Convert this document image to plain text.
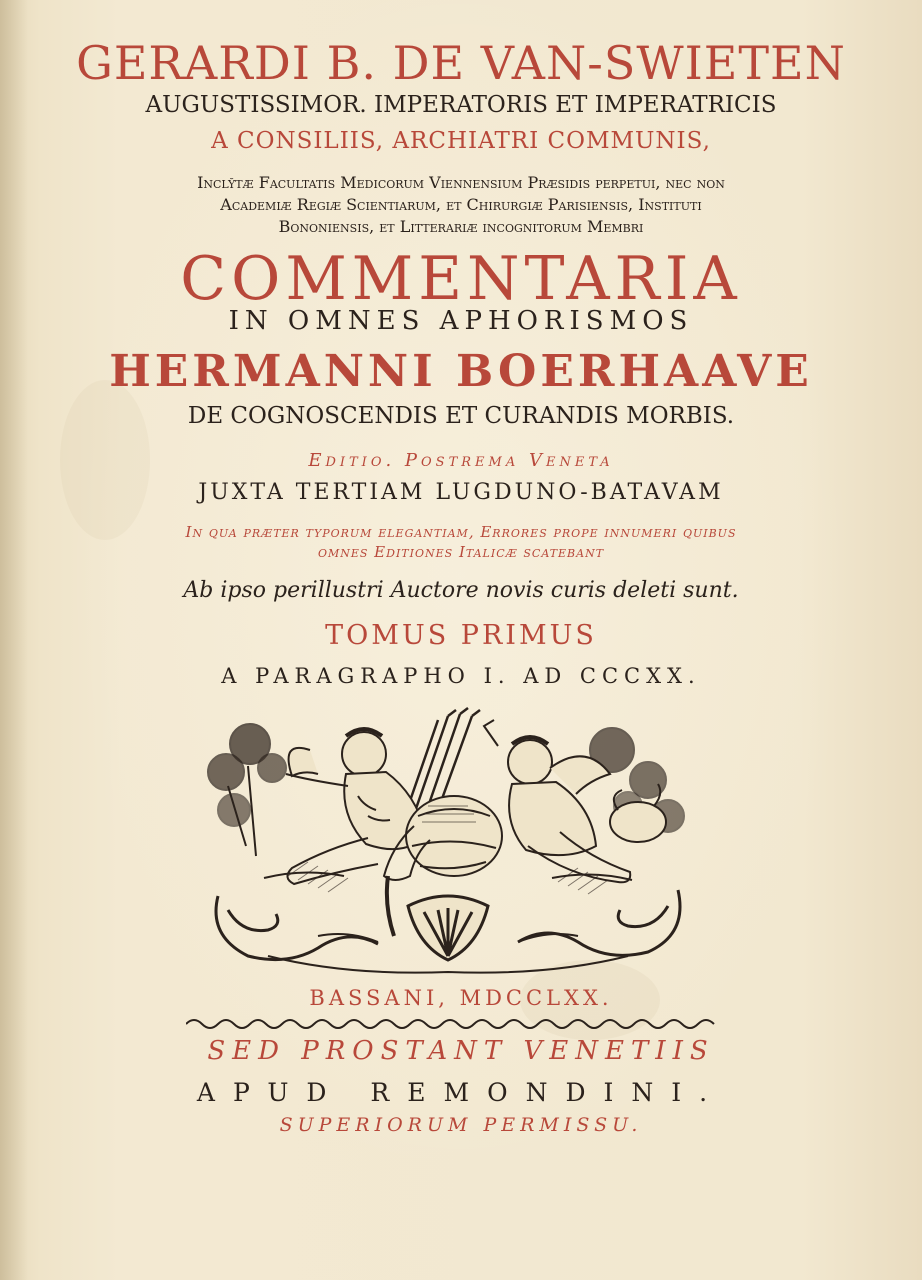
GERARDI B. DE VAN-SWIETEN
AUGUSTISSIMOR. IMPERATORIS ET IMPERATRICIS
A CONSILIIS, ARCHIATRI COMMUNIS,
Incly̆tæ Facultatis Medicorum Viennensium Præsidis perpetui, nec non
Academiæ Regiæ Scientiarum, et Chirurgiæ Parisiensis, Instituti
Bononiensis, et Litterariæ incognitorum Membri
COMMENTARIA
IN OMNES APHORISMOS
HERMANNI BOERHAAVE
DE COGNOSCENDIS ET CURANDIS MORBIS.
Editio. Postrema Veneta
JUXTA TERTIAM LUGDUNO-BATAVAM
In qua præter typorum elegantiam, Errores prope innumeri quibus
omnes Editiones Italicæ scatebant
Ab ipso perillustri Auctore novis curis deleti sunt.
TOMUS PRIMUS
A PARAGRAPHO I. AD CCCXX.
BASSANI, MDCCLXX.
SED PROSTANT VENETIIS
APUD REMONDINI.
SUPERIORUM PERMISSU.
